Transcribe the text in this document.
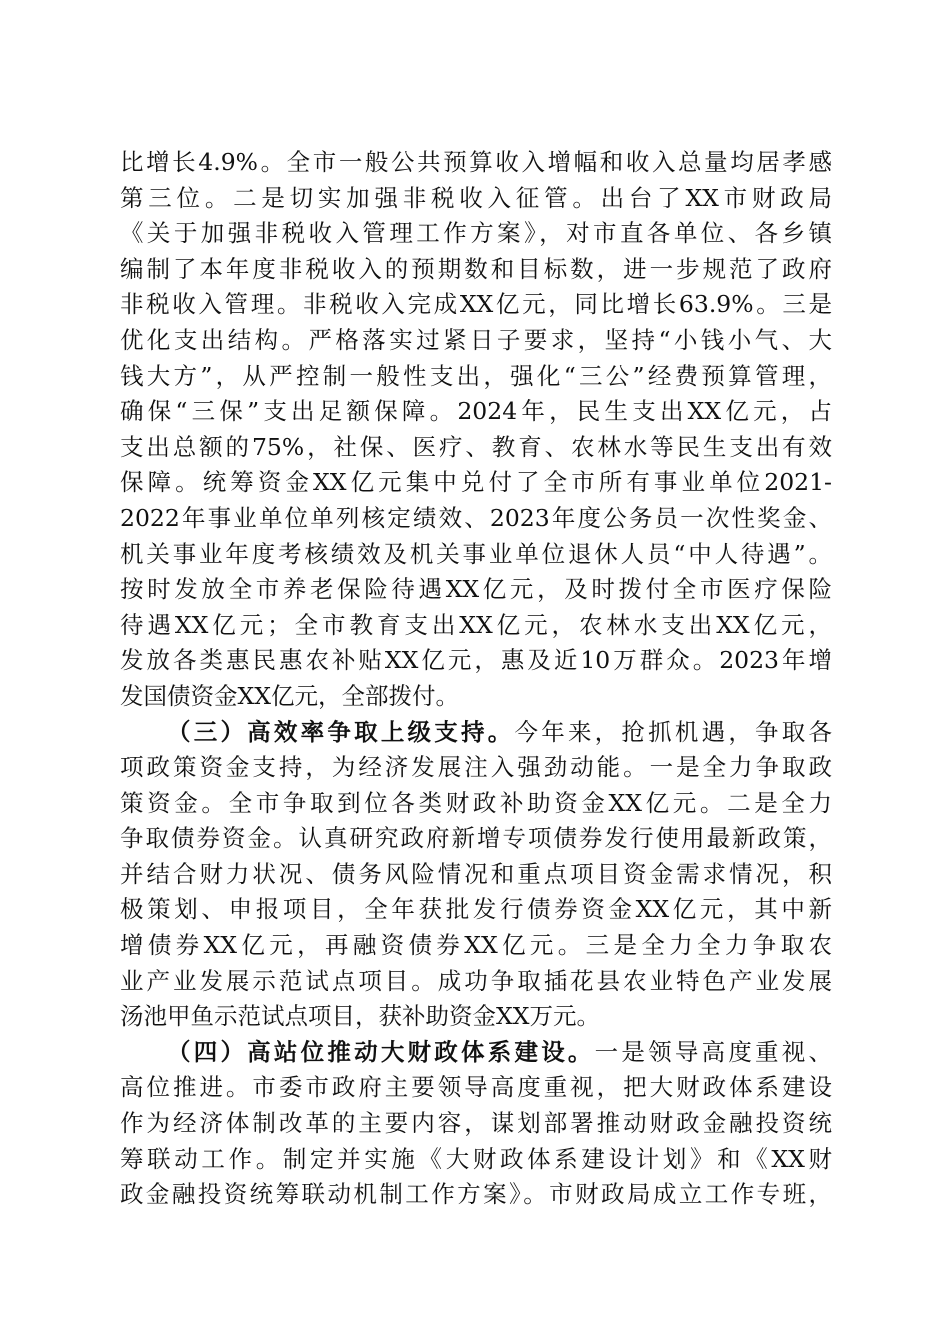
比增长4.9%。全市一般公共预算收入增幅和收入总量均居孝感
第三位。二是切实加强非税收入征管。出台了XX市财政局
《关于加强非税收入管理工作方案》，对市直各单位、各乡镇
编制了本年度非税收入的预期数和目标数，进一步规范了政府
非税收入管理。非税收入完成XX亿元，同比增长63.9%。三是
优化支出结构。严格落实过紧日子要求，坚持“小钱小气、大
钱大方”，从严控制一般性支出，强化“三公”经费预算管理，
确保“三保”支出足额保障。2024年，民生支出XX亿元，占
支出总额的75%，社保、医疗、教育、农林水等民生支出有效
保障。统筹资金XX亿元集中兑付了全市所有事业单位2021-
2022年事业单位单列核定绩效、2023年度公务员一次性奖金、
机关事业年度考核绩效及机关事业单位退休人员“中人待遇”。
按时发放全市养老保险待遇XX亿元，及时拨付全市医疗保险
待遇XX亿元；全市教育支出XX亿元，农林水支出XX亿元，
发放各类惠民惠农补贴XX亿元，惠及近10万群众。2023年增
发国债资金XX亿元，全部拨付。
（三）高效率争取上级支持。今年来，抢抓机遇，争取各
项政策资金支持，为经济发展注入强劲动能。一是全力争取政
策资金。全市争取到位各类财政补助资金XX亿元。二是全力
争取债券资金。认真研究政府新增专项债券发行使用最新政策，
并结合财力状况、债务风险情况和重点项目资金需求情况，积
极策划、申报项目，全年获批发行债券资金XX亿元，其中新
增债券XX亿元，再融资债券XX亿元。三是全力全力争取农
业产业发展示范试点项目。成功争取插花县农业特色产业发展
汤池甲鱼示范试点项目，获补助资金XX万元。
（四）高站位推动大财政体系建设。一是领导高度重视、
高位推进。市委市政府主要领导高度重视，把大财政体系建设
作为经济体制改革的主要内容，谋划部署推动财政金融投资统
筹联动工作。制定并实施《大财政体系建设计划》和《XX财
政金融投资统筹联动机制工作方案》。市财政局成立工作专班，
